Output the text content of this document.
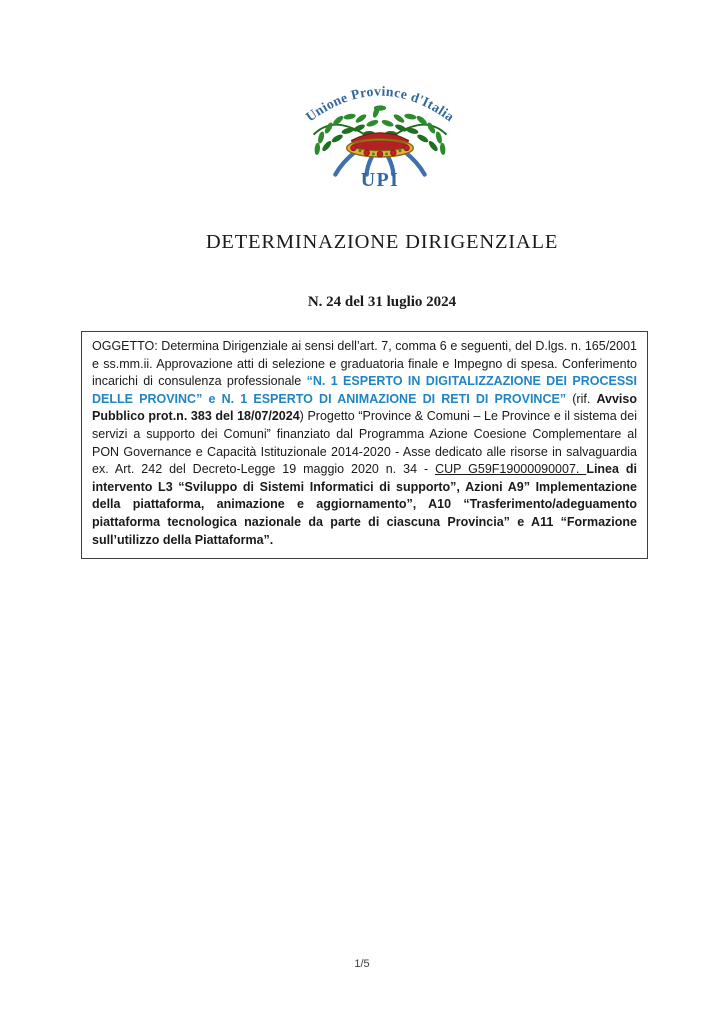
Unione Province d'Italia
UPI
DETERMINAZIONE DIRIGENZIALE
N. 24 del 31 luglio 2024

OGGETTO: Determina Dirigenziale ai sensi dell’art. 7, comma 6 e seguenti, del D.lgs. n. 165/2001 e ss.mm.ii. Approvazione atti di selezione e graduatoria finale e Impegno di spesa. Conferimento incarichi di consulenza professionale “N. 1 ESPERTO IN DIGITALIZZAZIONE DEI PROCESSI DELLE PROVINC” e N. 1 ESPERTO DI ANIMAZIONE DI RETI DI PROVINCE” (rif. Avviso Pubblico prot.n. 383 del 18/07/2024) Progetto “Province & Comuni – Le Province e il sistema dei servizi a supporto dei Comuni” finanziato dal Programma Azione Coesione Complementare al PON Governance e Capacità Istituzionale 2014-2020 - Asse dedicato alle risorse in salvaguardia ex. Art. 242 del Decreto-Legge 19 maggio 2020 n. 34 - CUP G59F19000090007. Linea di intervento L3 “Sviluppo di Sistemi Informatici di supporto”, Azioni A9” Implementazione della piattaforma, animazione e aggiornamento”, A10 “Trasferimento/adeguamento piattaforma tecnologica nazionale da parte di ciascuna Provincia” e A11 “Formazione sull’utilizzo della Piattaforma”.

1/5
